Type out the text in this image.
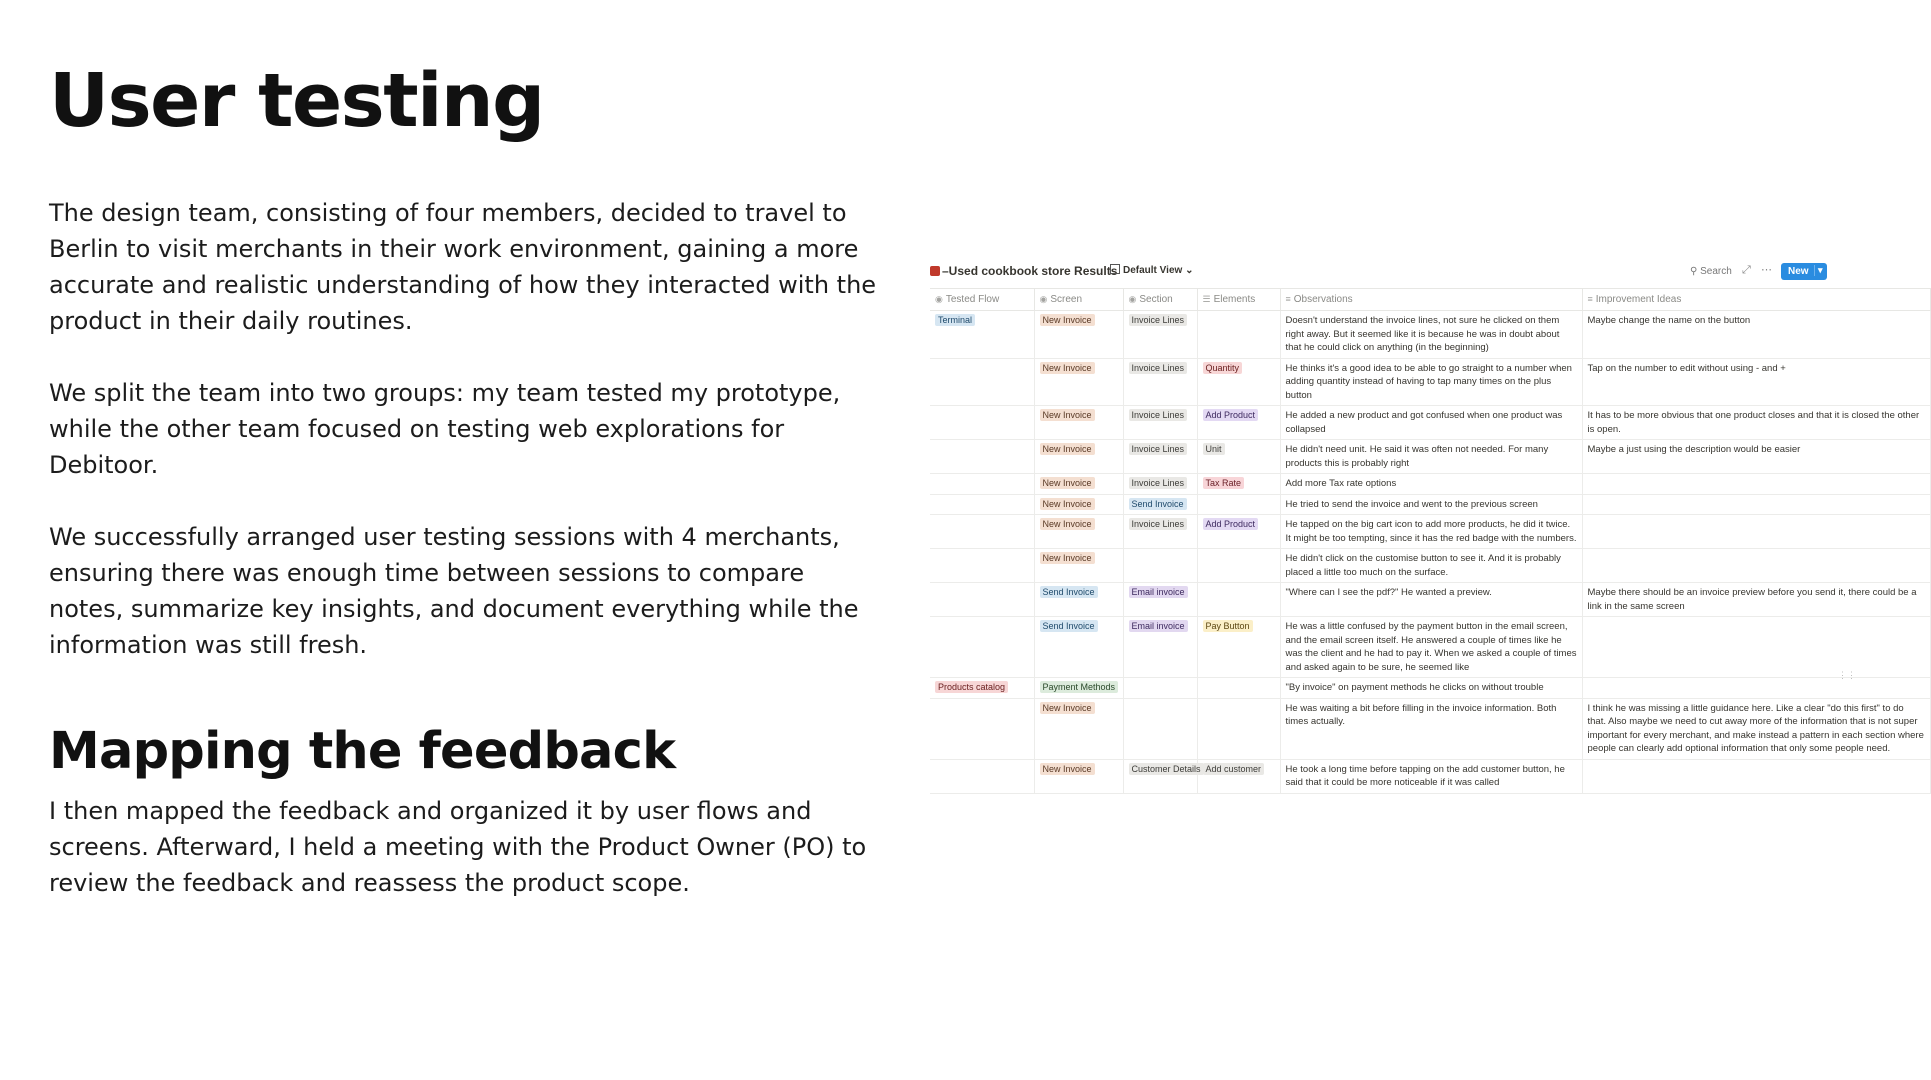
User testing

The design team, consisting of four members, decided to travel to Berlin to visit merchants in their work environment, gaining a more accurate and realistic understanding of how they interacted with the product in their daily routines.

We split the team into two groups: my team tested my prototype, while the other team focused on testing web explorations for Debitoor.

We successfully arranged user testing sessions with 4 merchants, ensuring there was enough time between sessions to compare notes, summarize key insights, and document everything while the information was still fresh.

Mapping the feedback

I then mapped the feedback and organized it by user flows and screens. Afterward, I held a meeting with the Product Owner (PO) to review the feedback and reassess the product scope.

–Used cookbook store Results Default View ⌄	⚲ Search ⤢ ⋯ New	▾
◉ Tested Flow	◉ Screen	◉ Section	☰ Elements	≡ Observations	≡ Improvement Ideas
Terminal	New Invoice	Invoice Lines		Doesn't understand the invoice lines, not sure he clicked on them right away. But it seemed like it is because he was in doubt about that he could click on anything (in the beginning)	Maybe change the name on the button
	New Invoice	Invoice Lines	Quantity	He thinks it's a good idea to be able to go straight to a number when adding quantity instead of having to tap many times on the plus button	Tap on the number to edit without using - and +
	New Invoice	Invoice Lines	Add Product	He added a new product and got confused when one product was collapsed	It has to be more obvious that one product closes and that it is closed the other is open.
	New Invoice	Invoice Lines	Unit	He didn't need unit. He said it was often not needed. For many products this is probably right	Maybe a just using the description would be easier
	New Invoice	Invoice Lines	Tax Rate	Add more Tax rate options	
	New Invoice	Send Invoice		He tried to send the invoice and went to the previous screen	
	New Invoice	Invoice Lines	Add Product	He tapped on the big cart icon to add more products, he did it twice. It might be too tempting, since it has the red badge with the numbers.	
	New Invoice			He didn't click on the customise button to see it. And it is probably placed a little too much on the surface.	
	Send Invoice	Email invoice		"Where can I see the pdf?" He wanted a preview.	Maybe there should be an invoice preview before you send it, there could be a link in the same screen
	Send Invoice	Email invoice	Pay Button	He was a little confused by the payment button in the email screen, and the email screen itself. He answered a couple of times like he was the client and he had to pay it. When we asked a couple of times and asked again to be sure, he seemed like	
Products catalog	Payment Methods			"By invoice" on payment methods he clicks on without trouble	
	New Invoice			He was waiting a bit before filling in the invoice information. Both times actually.	I think he was missing a little guidance here. Like a clear "do this first" to do that. Also maybe we need to cut away more of the information that is not super important for every merchant, and make instead a pattern in each section where people can clearly add optional information that only some people need.
	New Invoice	Customer Details	Add customer	He took a long time before tapping on the add customer button, he said that it could be more noticeable if it was called	
⋮⋮
